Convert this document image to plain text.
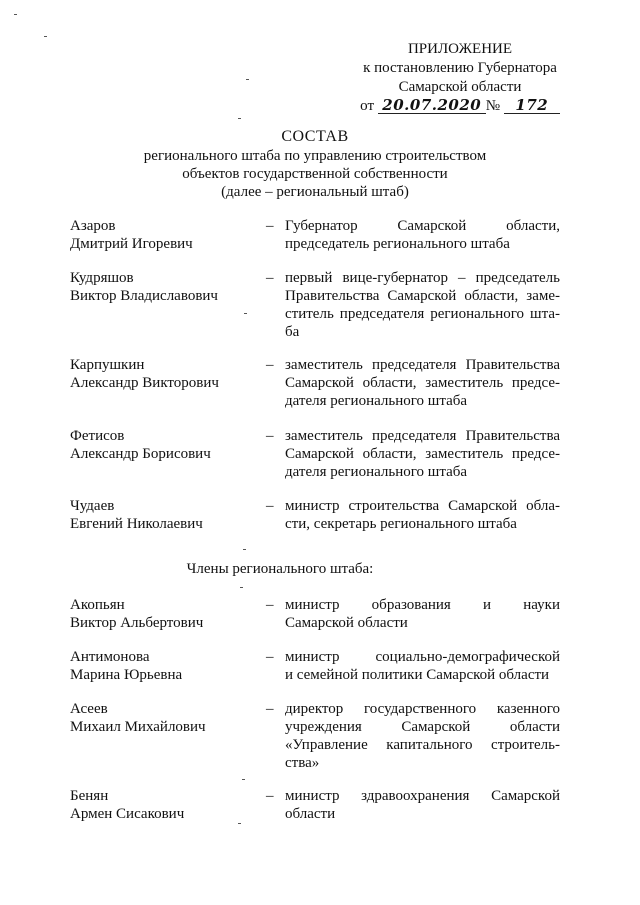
ПРИЛОЖЕНИЕ
к постановлению Губернатора
Самарской области
от 20.07.2020 № 172
СОСТАВ
регионального штаба по управлению строительством
объектов государственной собственности
(далее – региональный штаб)
Азаров
Дмитрий Игоревич
– Губернатор Самарской области,
председатель регионального штаба
Кудряшов
Виктор Владиславович
– первый вице-губернатор – председатель
Правительства Самарской области, заме-
ститель председателя регионального шта-
ба
Карпушкин
Александр Викторович
– заместитель председателя Правительства
Самарской области, заместитель предсе-
дателя регионального штаба
Фетисов
Александр Борисович
– заместитель председателя Правительства
Самарской области, заместитель предсе-
дателя регионального штаба
Чудаев
Евгений Николаевич
– министр строительства Самарской обла-
сти, секретарь регионального штаба
Члены регионального штаба:
Акопьян
Виктор Альбертович
– министр образования и науки
Самарской области
Антимонова
Марина Юрьевна
– министр социально-демографической
и семейной политики Самарской области
Асеев
Михаил Михайлович
– директор государственного казенного
учреждения Самарской области
«Управление капитального строитель-
ства»
Бенян
Армен Сисакович
– министр здравоохранения Самарской
области
